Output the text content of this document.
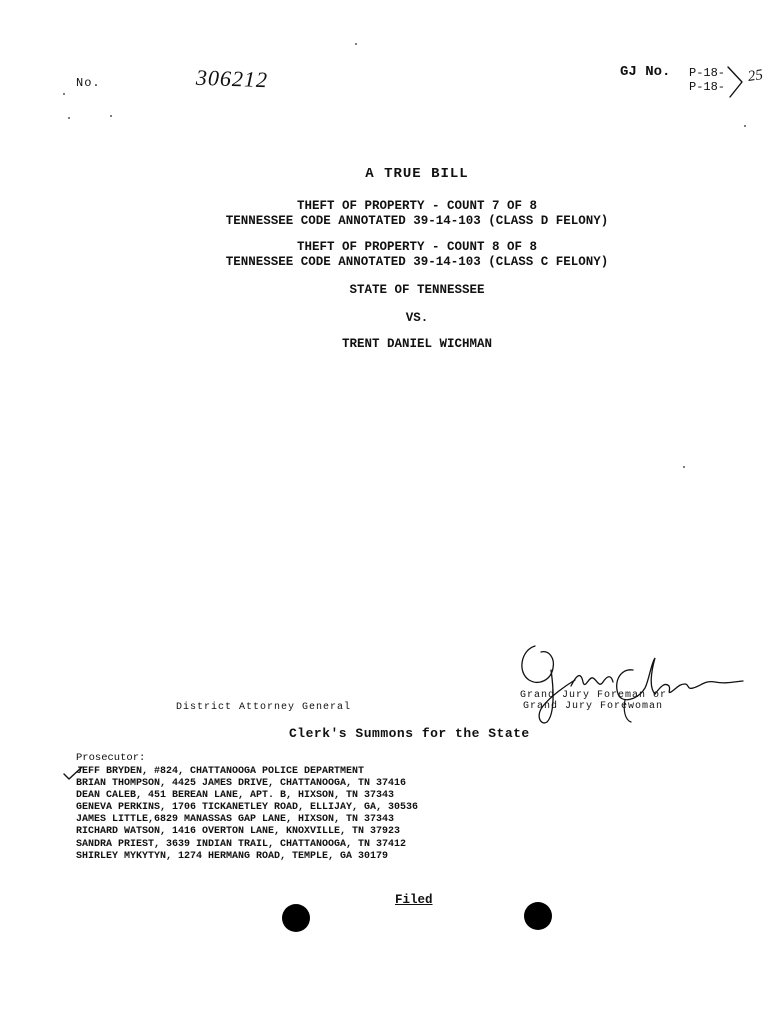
No.	306212	GJ No. P-18-
P-18-
25
A TRUE BILL
THEFT OF PROPERTY - COUNT 7 OF 8
TENNESSEE CODE ANNOTATED 39-14-103 (CLASS D FELONY)
THEFT OF PROPERTY - COUNT 8 OF 8
TENNESSEE CODE ANNOTATED 39-14-103 (CLASS C FELONY)
STATE OF TENNESSEE
VS.
TRENT DANIEL WICHMAN
District Attorney General
Grand Jury Foreman or
Grand Jury Forewoman
Clerk's Summons for the State
Prosecutor:
JEFF BRYDEN, #824, CHATTANOOGA POLICE DEPARTMENT
BRIAN THOMPSON, 4425 JAMES DRIVE, CHATTANOOGA, TN 37416
DEAN CALEB, 451 BEREAN LANE, APT. B, HIXSON, TN 37343
GENEVA PERKINS, 1706 TICKANETLEY ROAD, ELLIJAY, GA, 30536
JAMES LITTLE,6829 MANASSAS GAP LANE, HIXSON, TN 37343
RICHARD WATSON, 1416 OVERTON LANE, KNOXVILLE, TN 37923
SANDRA PRIEST, 3639 INDIAN TRAIL, CHATTANOOGA, TN 37412
SHIRLEY MYKYTYN, 1274 HERMANG ROAD, TEMPLE, GA 30179
Filed
